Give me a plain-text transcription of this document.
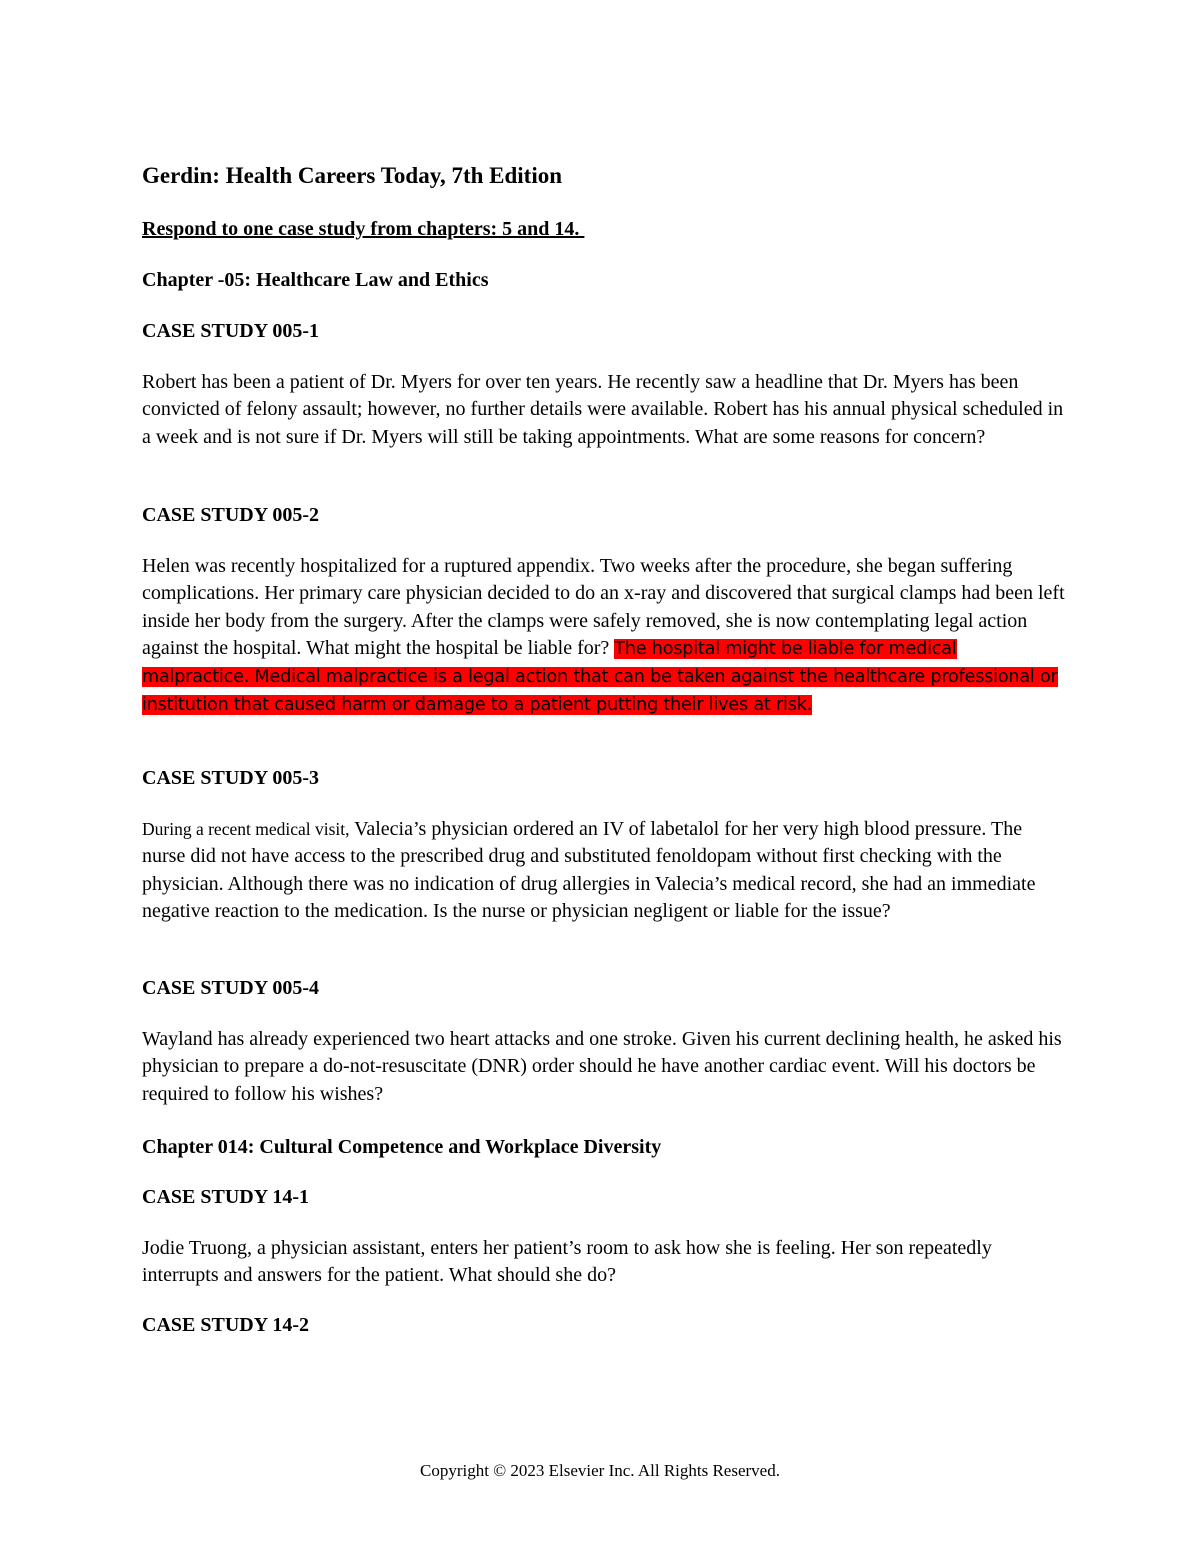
Gerdin: Health Careers Today, 7th Edition
Respond to one case study from chapters: 5 and 14.
Chapter -05: Healthcare Law and Ethics
CASE STUDY 005-1
Robert has been a patient of Dr. Myers for over ten years. He recently saw a headline that Dr. Myers has been convicted of felony assault; however, no further details were available. Robert has his annual physical scheduled in a week and is not sure if Dr. Myers will still be taking appointments. What are some reasons for concern?
CASE STUDY 005-2
Helen was recently hospitalized for a ruptured appendix. Two weeks after the procedure, she began suffering complications. Her primary care physician decided to do an x-ray and discovered that surgical clamps had been left inside her body from the surgery. After the clamps were safely removed, she is now contemplating legal action against the hospital. What might the hospital be liable for? The hospital might be liable for medical malpractice. Medical malpractice is a legal action that can be taken against the healthcare professional or institution that caused harm or damage to a patient putting their lives at risk.
CASE STUDY 005-3
During a recent medical visit, Valecia’s physician ordered an IV of labetalol for her very high blood pressure. The nurse did not have access to the prescribed drug and substituted fenoldopam without first checking with the physician. Although there was no indication of drug allergies in Valecia’s medical record, she had an immediate negative reaction to the medication. Is the nurse or physician negligent or liable for the issue?
CASE STUDY 005-4
Wayland has already experienced two heart attacks and one stroke. Given his current declining health, he asked his physician to prepare a do-not-resuscitate (DNR) order should he have another cardiac event. Will his doctors be required to follow his wishes?
Chapter 014: Cultural Competence and Workplace Diversity
CASE STUDY 14-1
Jodie Truong, a physician assistant, enters her patient’s room to ask how she is feeling. Her son repeatedly interrupts and answers for the patient. What should she do?
CASE STUDY 14-2
Copyright © 2023 Elsevier Inc. All Rights Reserved.
